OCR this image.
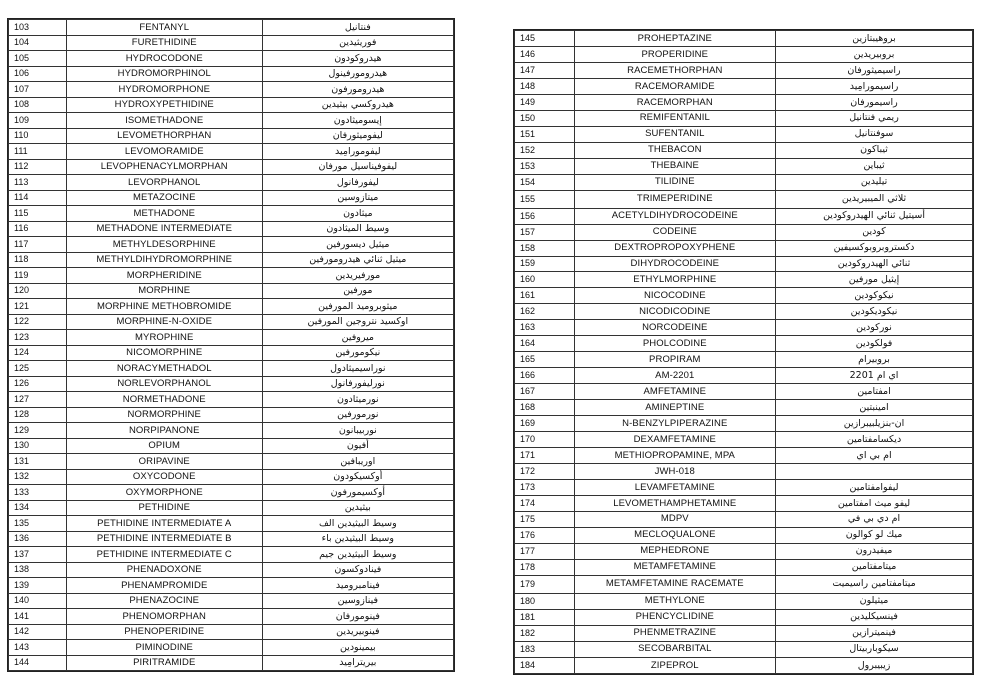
103	FENTANYL	فنتانيل
104	FURETHIDINE	فوريثيدين
105	HYDROCODONE	هيدروكودون
106	HYDROMORPHINOL	هيدرومورفينول
107	HYDROMORPHONE	هيدرومورفون
108	HYDROXYPETHIDINE	هيدروكسي بيثيدين
109	ISOMETHADONE	إيسوميثادون
110	LEVOMETHORPHAN	ليفوميثورفان
111	LEVOMORAMIDE	ليفومورامِيد
112	LEVOPHENACYLMORPHAN	ليفوفيناسيل مورفان
113	LEVORPHANOL	ليفورفانول
114	METAZOCINE	ميتازوسين
115	METHADONE	ميثادون
116	METHADONE INTERMEDIATE	وسيط الميثادون
117	METHYLDESORPHINE	ميثيل ديسورفين
118	METHYLDIHYDROMORPHINE	ميثيل ثنائي هيدرومورفين
119	MORPHERIDINE	مورفيريدين
120	MORPHINE	مورفين
121	MORPHINE METHOBROMIDE	ميثوبروميد المورفين
122	MORPHINE-N-OXIDE	اوكسيد نتروجين المورفين
123	MYROPHINE	ميروفين
124	NICOMORPHINE	نيكومورفين
125	NORACYMETHADOL	نوراسيميثادول
126	NORLEVORPHANOL	نورليفورفانول
127	NORMETHADONE	نورميثادون
128	NORMORPHINE	نورمورفين
129	NORPIPANONE	نوربيبانون
130	OPIUM	أفيون
131	ORIPAVINE	اوريبافين
132	OXYCODONE	أوكسيكودون
133	OXYMORPHONE	أوكسيمورفون
134	PETHIDINE	بيثيدين
135	PETHIDINE INTERMEDIATE A	وسيط البيثيدين الف
136	PETHIDINE INTERMEDIATE B	وسيط البيثيدين باء
137	PETHIDINE INTERMEDIATE C	وسيط البيثيدين جيم
138	PHENADOXONE	فينادوكسون
139	PHENAMPROMIDE	فينامبروميد
140	PHENAZOCINE	فينازوسين
141	PHENOMORPHAN	فينومورفان
142	PHENOPERIDINE	فينوبيريدين
143	PIMINODINE	بيمينودين
144	PIRITRAMIDE	بيريترامِيد
145	PROHEPTAZINE	بروهيبتازين
146	PROPERIDINE	بروبيريدين
147	RACEMETHORPHAN	راسيميثورفان
148	RACEMORAMIDE	راسيمورامِيد
149	RACEMORPHAN	راسيمورفان
150	REMIFENTANIL	ريمي فنتانيل
151	SUFENTANIL	سوفنتانيل
152	THEBACON	ثيباكون
153	THEBAINE	ثيباين
154	TILIDINE	تيليدين
155	TRIMEPERIDINE	ثلاثي الميبيريدين
156	ACETYLDIHYDROCODEINE	أسيتيل ثنائي الهيدروكودين
157	CODEINE	كودين
158	DEXTROPROPOXYPHENE	دكستروبروبوكسيفين
159	DIHYDROCODEINE	ثنائي الهيدروكودين
160	ETHYLMORPHINE	إيثيل مورفين
161	NICOCODINE	نيكوكودين
162	NICODICODINE	نيكوديكودين
163	NORCODEINE	نوركودين
164	PHOLCODINE	فولكودين
165	PROPIRAM	بروبيرام
166	AM-2201	اي ام 2201
167	AMFETAMINE	امفتامين
168	AMINEPTINE	امينبتين
169	N-BENZYLPIPERAZINE	ان-بنزيلبيبرازين
170	DEXAMFETAMINE	ديكسامفتامين
171	METHIOPROPAMINE, MPA	ام بي اي
172	JWH-018	
173	LEVAMFETAMINE	ليفوامفتامين
174	LEVOMETHAMPHETAMINE	ليفو ميث امفتامين
175	MDPV	ام دي بي في
176	MECLOQUALONE	ميك لو كوالون
177	MEPHEDRONE	ميفيدرون
178	METAMFETAMINE	ميتامفتامين
179	METAMFETAMINE RACEMATE	ميتامفتامين راسيميت
180	METHYLONE	ميثيلون
181	PHENCYCLIDINE	فينسيكليدين
182	PHENMETRAZINE	فينميترازين
183	SECOBARBITAL	سيكوباربيتال
184	ZIPEPROL	زيبيبرول
